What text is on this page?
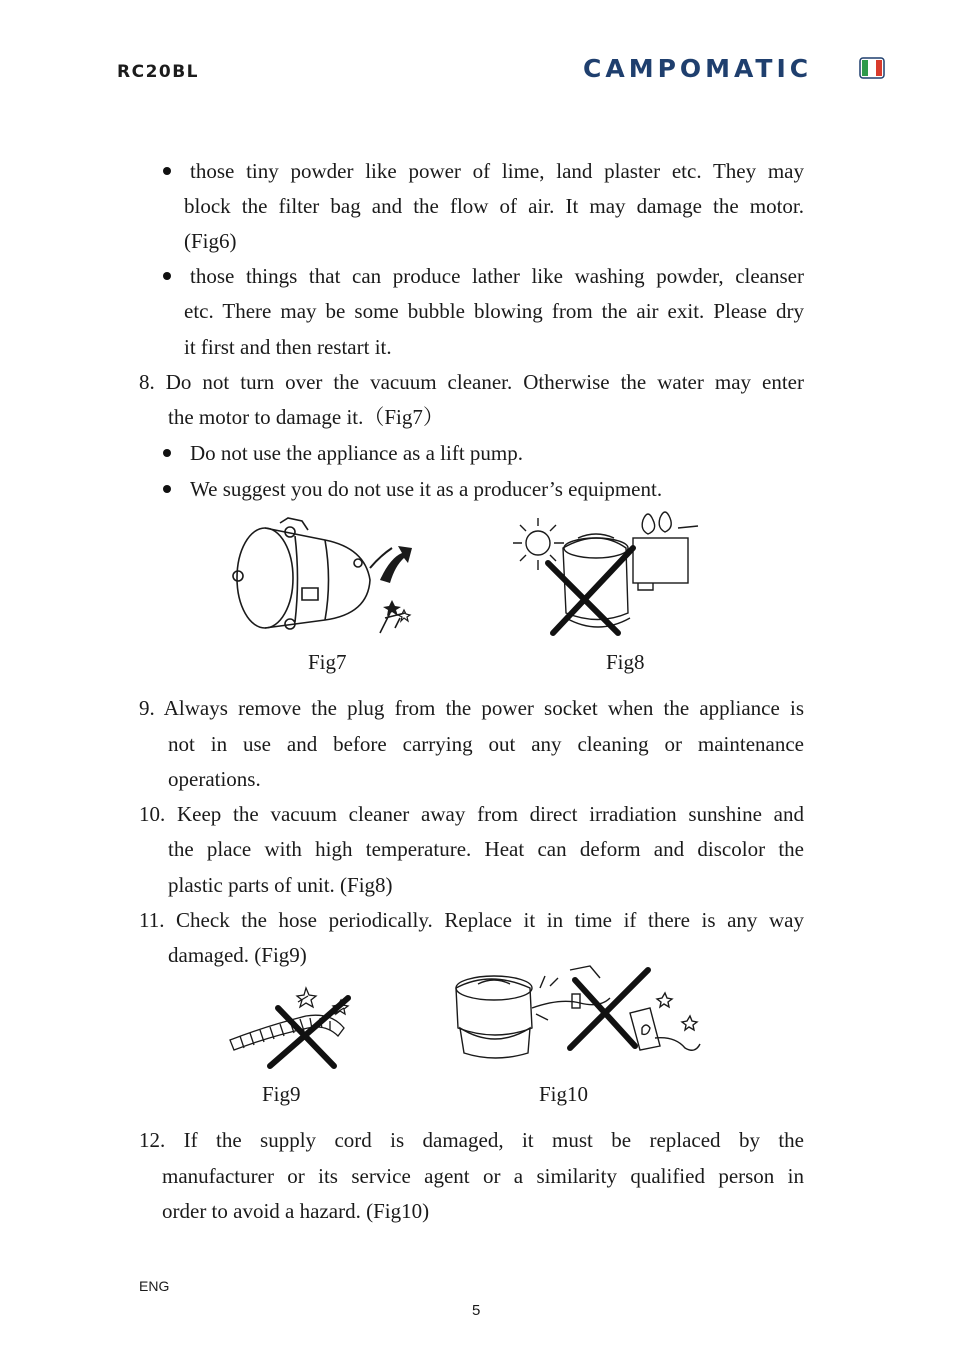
RC20BL	CAMPOMATIC
those tiny powder like power of lime, land plaster etc. They may
block the filter bag and the flow of air. It may damage the motor.
(Fig6)
those things that can produce lather like washing powder, cleanser
etc. There may be some bubble blowing from the air exit. Please dry
it first and then restart it.
8. Do not turn over the vacuum cleaner. Otherwise the water may enter
the motor to damage it.（Fig7）
Do not use the appliance as a lift pump.
We suggest you do not use it as a producer’s equipment.
Fig7	Fig8
9. Always remove the plug from the power socket when the appliance is
not in use and before carrying out any cleaning or maintenance
operations.
10. Keep the vacuum cleaner away from direct irradiation sunshine and
the place with high temperature. Heat can deform and discolor the
plastic parts of unit. (Fig8)
11. Check the hose periodically. Replace it in time if there is any way
damaged. (Fig9)
Fig9	Fig10
12. If the supply cord is damaged, it must be replaced by the
manufacturer or its service agent or a similarity qualified person in
order to avoid a hazard. (Fig10)
ENG
5
